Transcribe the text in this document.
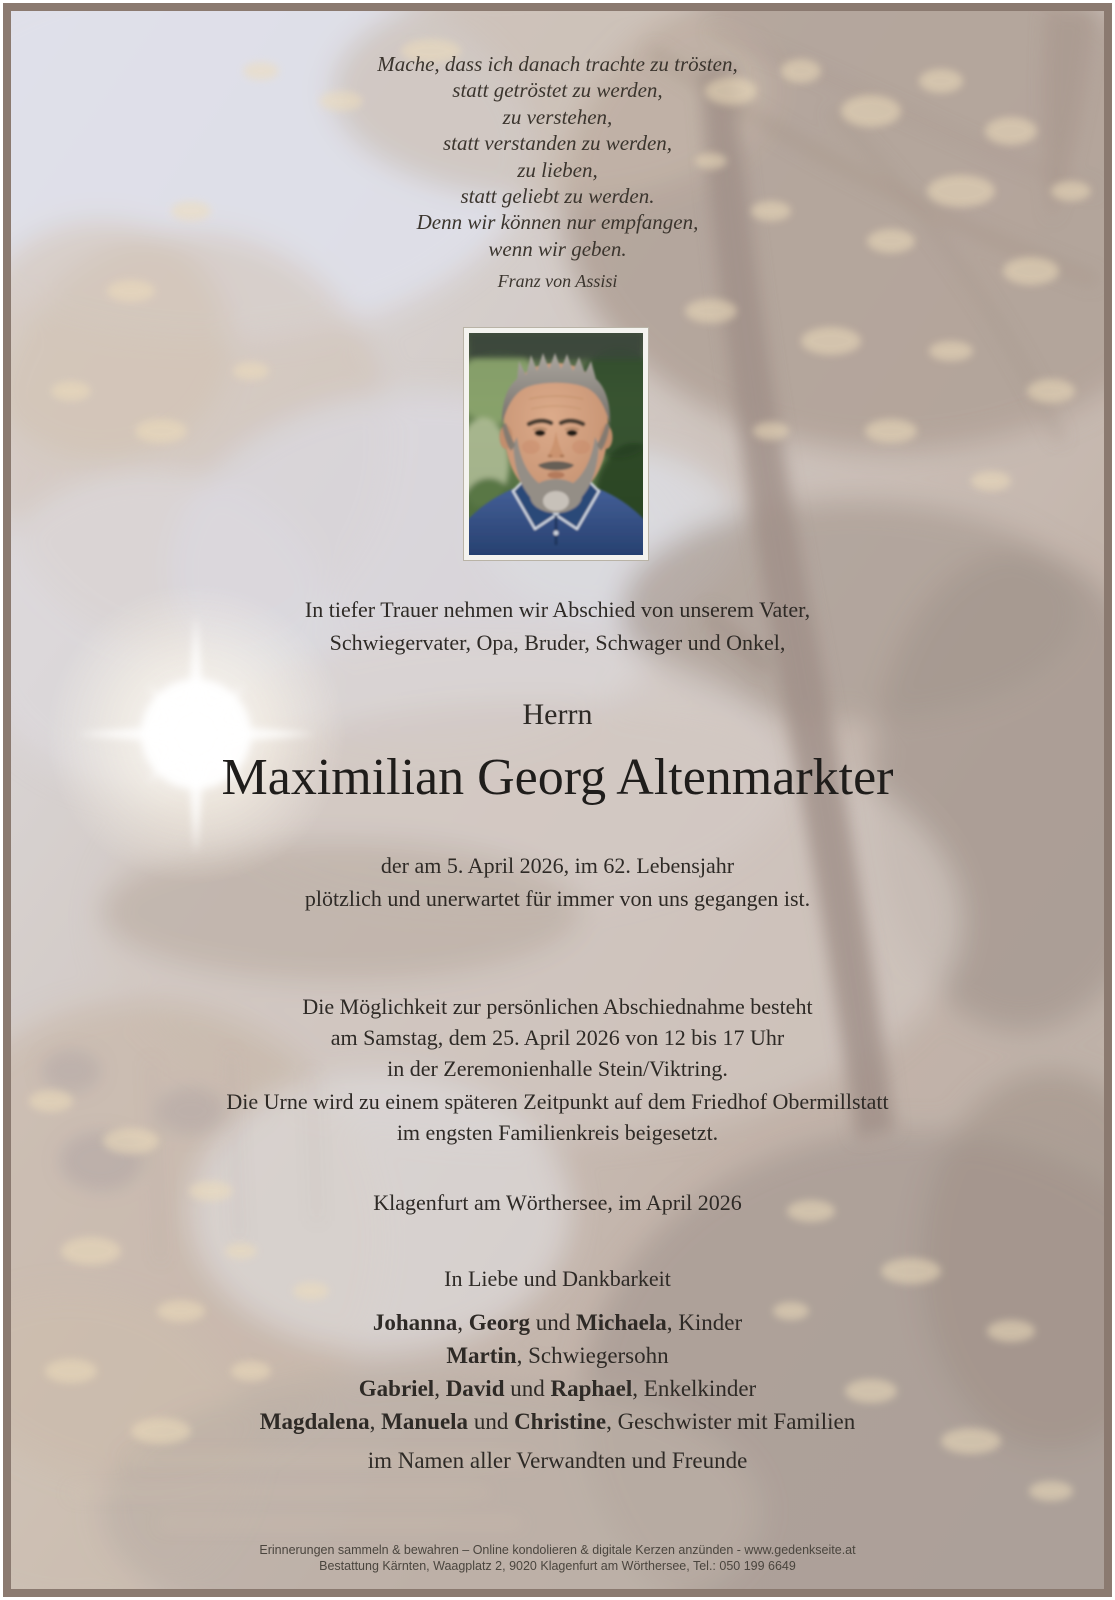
Mache, dass ich danach trachte zu trösten,
statt getröstet zu werden,
zu verstehen,
statt verstanden zu werden,
zu lieben,
statt geliebt zu werden.
Denn wir können nur empfangen,
wenn wir geben.
Franz von Assisi
In tiefer Trauer nehmen wir Abschied von unserem Vater,
Schwiegervater, Opa, Bruder, Schwager und Onkel,
Herrn
Maximilian Georg Altenmarkter
der am 5. April 2026, im 62. Lebensjahr
plötzlich und unerwartet für immer von uns gegangen ist.
Die Möglichkeit zur persönlichen Abschiednahme besteht
am Samstag, dem 25. April 2026 von 12 bis 17 Uhr
in der Zeremonienhalle Stein/Viktring.
Die Urne wird zu einem späteren Zeitpunkt auf dem Friedhof Obermillstatt
im engsten Familienkreis beigesetzt.
Klagenfurt am Wörthersee, im April 2026
In Liebe und Dankbarkeit
Johanna, Georg und Michaela, Kinder
Martin, Schwiegersohn
Gabriel, David und Raphael, Enkelkinder
Magdalena, Manuela und Christine, Geschwister mit Familien
im Namen aller Verwandten und Freunde
Erinnerungen sammeln & bewahren – Online kondolieren & digitale Kerzen anzünden - www.gedenkseite.at
Bestattung Kärnten, Waagplatz 2, 9020 Klagenfurt am Wörthersee, Tel.: 050 199 6649
